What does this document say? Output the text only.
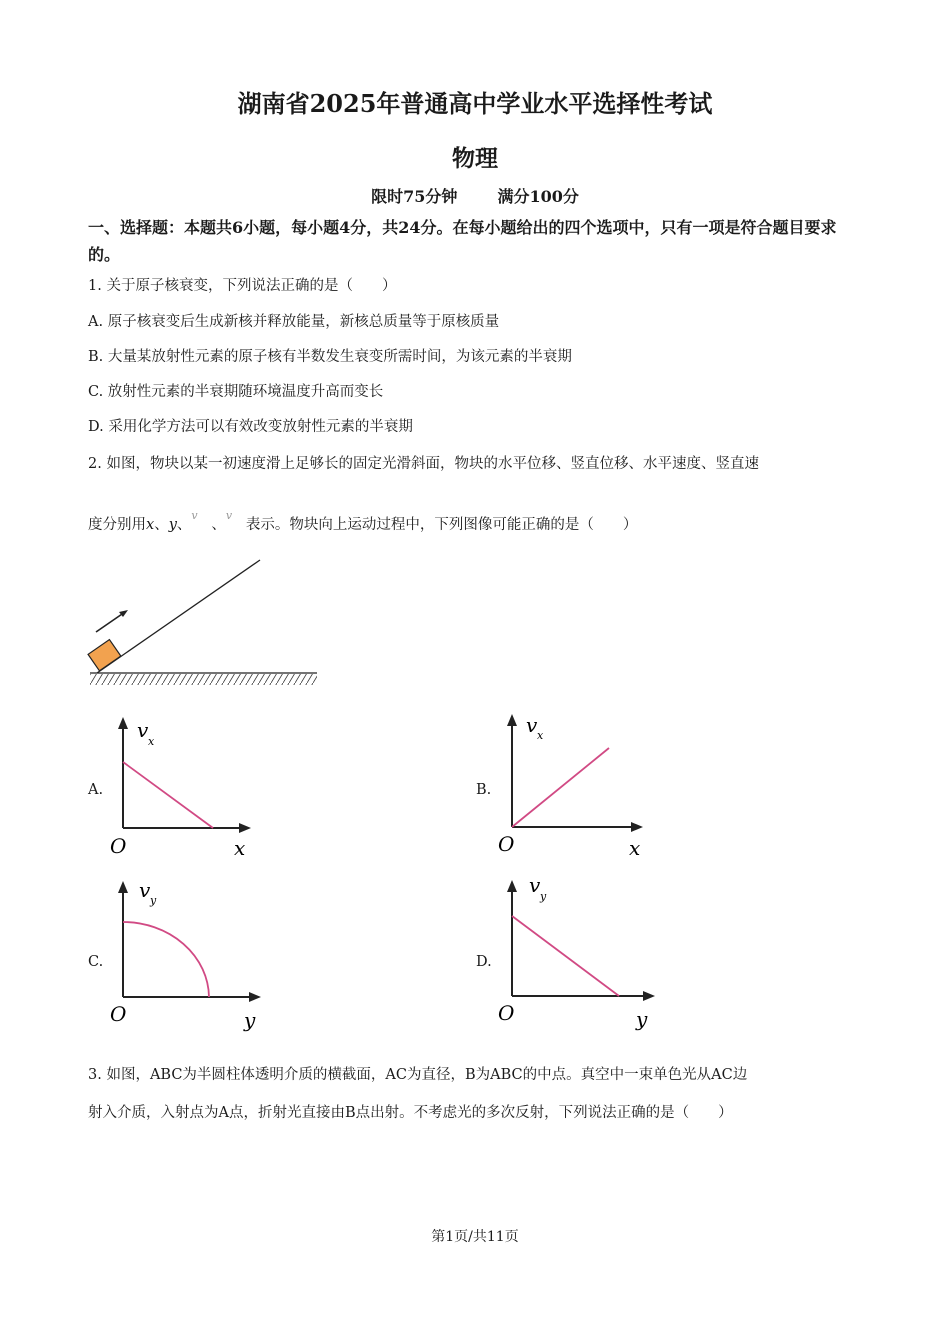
湖南省2025年普通高中学业水平选择性考试
物理
限时75分钟	满分100分
一、选择题：本题共6小题，每小题4分，共24分。在每小题给出的四个选项中，只有一项是符合题目要求的。
1. 关于原子核衰变，下列说法正确的是（　　）
A. 原子核衰变后生成新核并释放能量，新核总质量等于原核质量
B. 大量某放射性元素的原子核有半数发生衰变所需时间，为该元素的半衰期
C. 放射性元素的半衰期随环境温度升高而变长
D. 采用化学方法可以有效改变放射性元素的半衰期
2. 如图，物块以某一初速度滑上足够长的固定光滑斜面，物块的水平位移、竖直位移、水平速度、竖直速
度分别用x、y、v、v表示。物块向上运动过程中，下列图像可能正确的是（　　）
A.
v x
O	x
B.
v x
O	x
C.
v y
O	y
D.
v y
O	y
3. 如图，ABC为半圆柱体透明介质的横截面，AC为直径，B为ABC的中点。真空中一束单色光从AC边
射入介质，入射点为A点，折射光直接由B点出射。不考虑光的多次反射，下列说法正确的是（　　）
第1页/共11页
